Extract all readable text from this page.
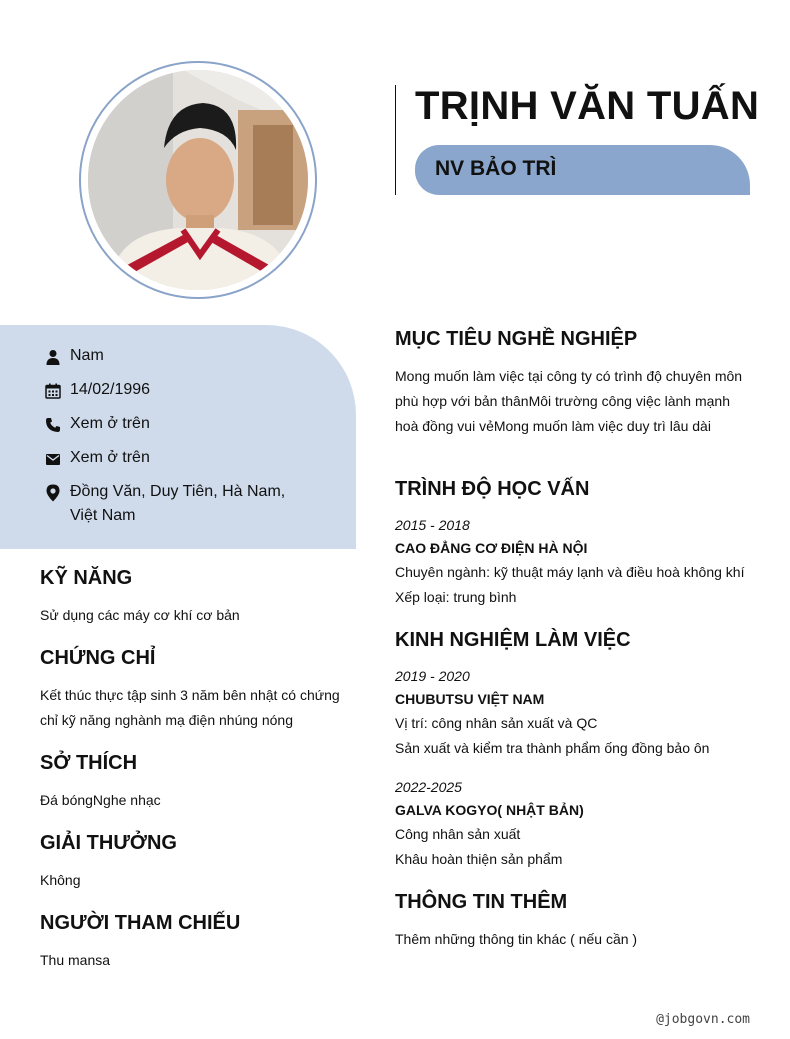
TRỊNH VĂN TUẤN
NV BẢO TRÌ
Nam
14/02/1996
Xem ở trên
Xem ở trên
Đồng Văn, Duy Tiên, Hà Nam, Việt Nam
KỸ NĂNG
Sử dụng các máy cơ khí cơ bản
CHỨNG CHỈ
Kết thúc thực tập sinh 3 năm bên nhật có chứng chỉ kỹ năng nghành mạ điện nhúng nóng
SỞ THÍCH
Đá bóngNghe nhạc
GIẢI THƯỞNG
Không
NGƯỜI THAM CHIẾU
Thu mansa
MỤC TIÊU NGHỀ NGHIỆP
Mong muốn làm việc tại công ty có trình độ chuyên môn phù hợp với bản thânMôi trường công việc lành mạnh hoà đồng vui vẻMong muốn làm việc duy trì lâu dài
TRÌNH ĐỘ HỌC VẤN
2015 - 2018
CAO ĐẲNG CƠ ĐIỆN HÀ NỘI
Chuyên ngành: kỹ thuật máy lạnh và điều hoà không khí
Xếp loại: trung bình
KINH NGHIỆM LÀM VIỆC
2019 - 2020
CHUBUTSU VIỆT NAM
Vị trí: công nhân sản xuất và QC
Sản xuất và kiểm tra thành phẩm ống đồng bảo ôn
2022-2025
GALVA KOGYO( NHẬT BẢN)
Công nhân sản xuất
Khâu hoàn thiện sản phẩm
THÔNG TIN THÊM
Thêm những thông tin khác ( nếu cần )
@jobgovn.com
